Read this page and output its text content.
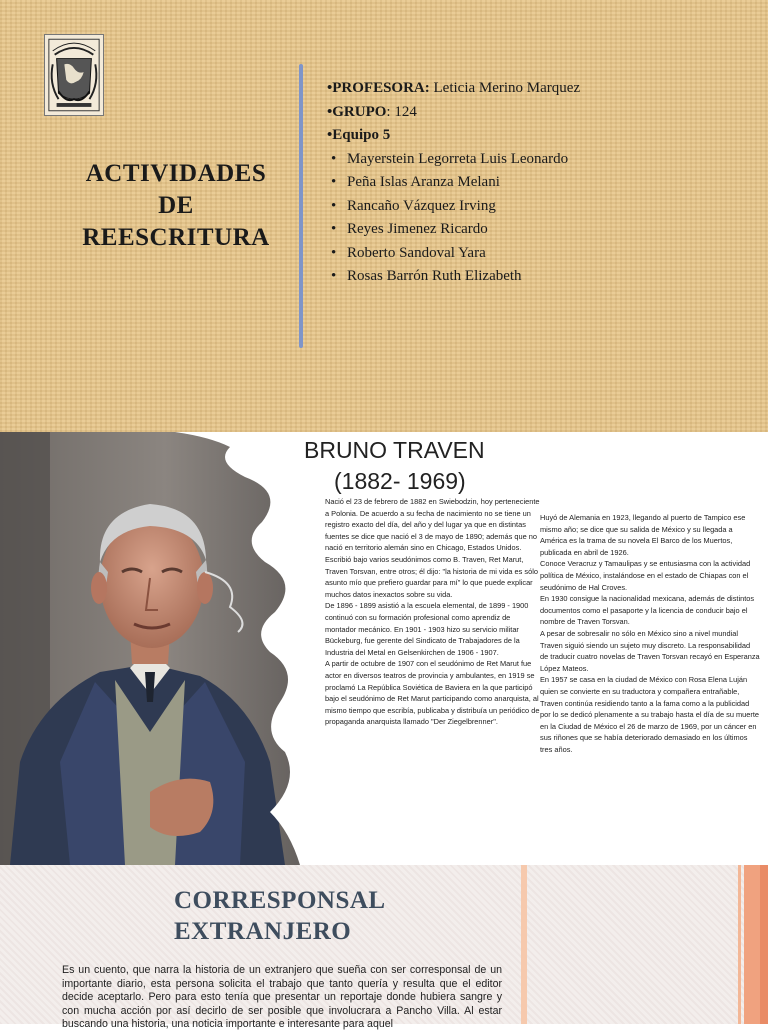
ACTIVIDADES
DE
REESCRITURA
•PROFESORA: Leticia Merino Marquez
•GRUPO: 124
•Equipo 5
• Mayerstein Legorreta Luis Leonardo
• Peña Islas Aranza Melani
• Rancaño Vázquez Irving
• Reyes Jimenez Ricardo
• Roberto Sandoval Yara
• Rosas Barrón Ruth Elizabeth
BRUNO TRAVEN
(1882- 1969)

Nació el 23 de febrero de 1882 en Swiebodzin, hoy perteneciente a Polonia. De acuerdo a su fecha de nacimiento no se tiene un registro exacto del día, del año y del lugar ya que en distintas fuentes se dice que nació el 3 de mayo de 1890; además que no nació en territorio alemán sino en Chicago, Estados Unidos. Escribió bajo varios seudónimos como B. Traven, Ret Marut, Traven Torsvan, entre otros; él dijo: "la historia de mi vida es sólo asunto mío que prefiero guardar para mí" lo que puede explicar muchos datos inexactos sobre su vida.

De 1896 - 1899 asistió a la escuela elemental, de 1899 - 1900 continuó con su formación profesional como aprendiz de montador mecánico. En 1901 - 1903 hizo su servicio militar Bückeburg, fue gerente del Sindicato de Trabajadores de la Industria del Metal en Gelsenkirchen de 1906 - 1907.

A partir de octubre de 1907 con el seudónimo de Ret Marut fue actor en diversos teatros de provincia y ambulantes, en 1919 se proclamó La República Soviética de Baviera en la que participó bajo el seudónimo de Ret Marut participando como anarquista, al mismo tiempo que escribía, publicaba y distribuía un periódico de propaganda anarquista llamado "Der Ziegelbrenner".

Huyó de Alemania en 1923, llegando al puerto de Tampico ese mismo año; se dice que su salida de México y su llegada a América es la trama de su novela El Barco de los Muertos, publicada en abril de 1926.

Conoce Veracruz y Tamaulipas y se entusiasma con la actividad política de México, instalándose en el estado de Chiapas con el seudónimo de Hal Croves.

En 1930 consigue la nacionalidad mexicana, además de distintos documentos como el pasaporte y la licencia de conducir bajo el nombre de Traven Torsvan.

A pesar de sobresalir no sólo en México sino a nivel mundial Traven siguió siendo un sujeto muy discreto. La responsabilidad de traducir cuatro novelas de Traven Torsvan recayó en Esperanza López Mateos.

En 1957 se casa en la ciudad de México con Rosa Elena Luján quien se convierte en su traductora y compañera entrañable, Traven continúa residiendo tanto a la fama como a la publicidad por lo se dedicó plenamente a su trabajo hasta el día de su muerte en la Ciudad de México el 26 de marzo de 1969, por un cáncer en sus riñones que se había deteriorado demasiado en los últimos tres años.

CORRESPONSAL
EXTRANJERO
Es un cuento, que narra la historia de un extranjero que sueña con ser corresponsal de un importante diario, esta persona solicita el trabajo que tanto quería y resulta que el editor decide aceptarlo. Pero para esto tenía que presentar un reportaje donde hubiera sangre y con mucha acción por así decirlo de ser posible que involucrara a Pancho Villa. Al estar buscando una historia, una noticia importante e interesante para aquel
